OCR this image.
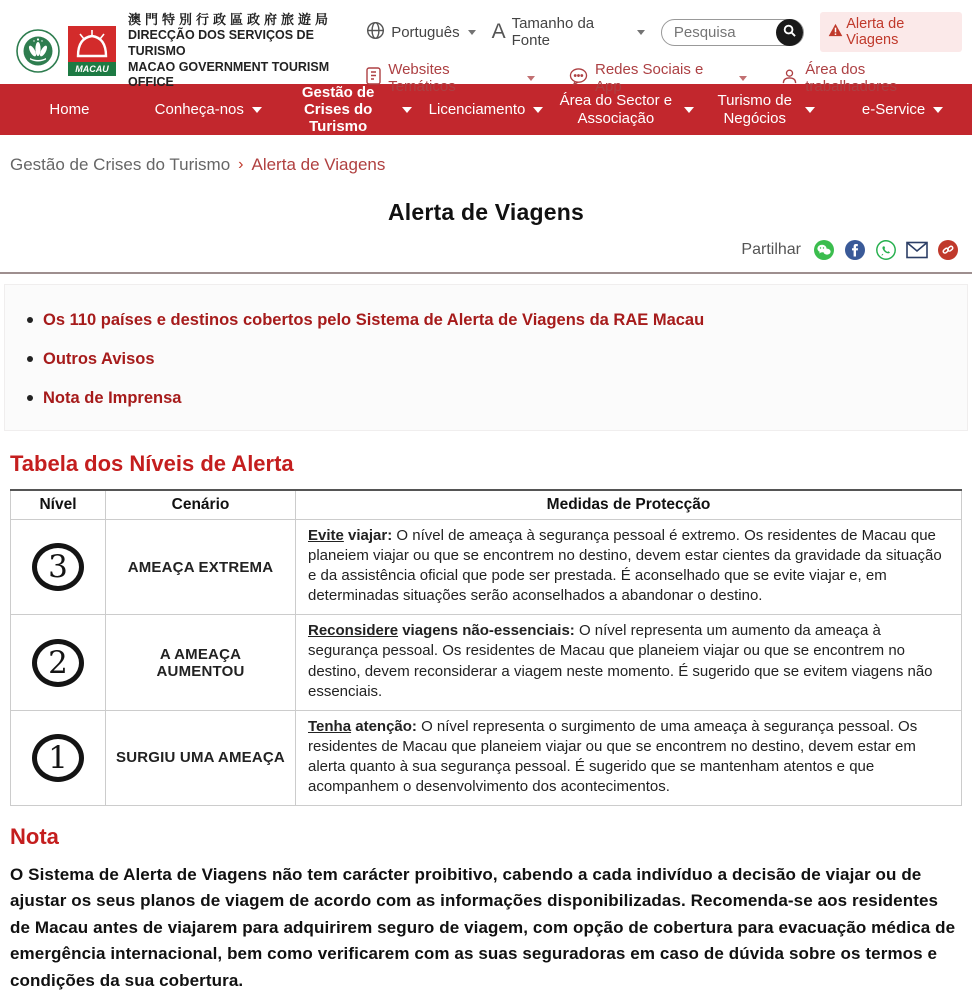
MACAU
澳門特別行政區政府旅遊局
DIRECÇÃO DOS SERVIÇOS DE TURISMO
MACAO GOVERNMENT TOURISM OFFICE
Português A Tamanho da Fonte
Pesquisa
Alerta de Viagens
Websites Temáticos
Redes Sociais e App
Área dos trabalhadores
Home	Conheça-nos
Gestão de Crises do Turismo
Licenciamento
Área do Sector e Associação
Turismo de Negócios
e-Service
Gestão de Crises do Turismo › Alerta de Viagens
Alerta de Viagens
Partilhar
Os 110 países e destinos cobertos pelo Sistema de Alerta de Viagens da RAE Macau
Outros Avisos
Nota de Imprensa
Tabela dos Níveis de Alerta
Nível	Cenário	Medidas de Protecção
3	AMEAÇA EXTREMA	Evite viajar: O nível de ameaça à segurança pessoal é extremo. Os residentes de Macau que planeiem viajar ou que se encontrem no destino, devem estar cientes da gravidade da situação e da assistência oficial que pode ser prestada. É aconselhado que se evite viajar e, em determinadas situações serão aconselhados a abandonar o destino.
2	A AMEAÇA AUMENTOU	Reconsidere viagens não-essenciais: O nível representa um aumento da ameaça à segurança pessoal. Os residentes de Macau que planeiem viajar ou que se encontrem no destino, devem reconsiderar a viagem neste momento. É sugerido que se evitem viagens não essenciais.
1	SURGIU UMA AMEAÇA	Tenha atenção: O nível representa o surgimento de uma ameaça à segurança pessoal. Os residentes de Macau que planeiem viajar ou que se encontrem no destino, devem estar em alerta quanto à sua segurança pessoal. É sugerido que se mantenham atentos e que acompanhem o desenvolvimento dos acontecimentos.
Nota

O Sistema de Alerta de Viagens não tem carácter proibitivo, cabendo a cada indivíduo a decisão de viajar ou de ajustar os seus planos de viagem de acordo com as informações disponibilizadas. Recomenda-se aos residentes de Macau antes de viajarem para adquirirem seguro de viagem, com opção de cobertura para evacuação médica de emergência internacional, bem como verificarem com as suas seguradoras em caso de dúvida sobre os termos e condições da sua cobertura.
